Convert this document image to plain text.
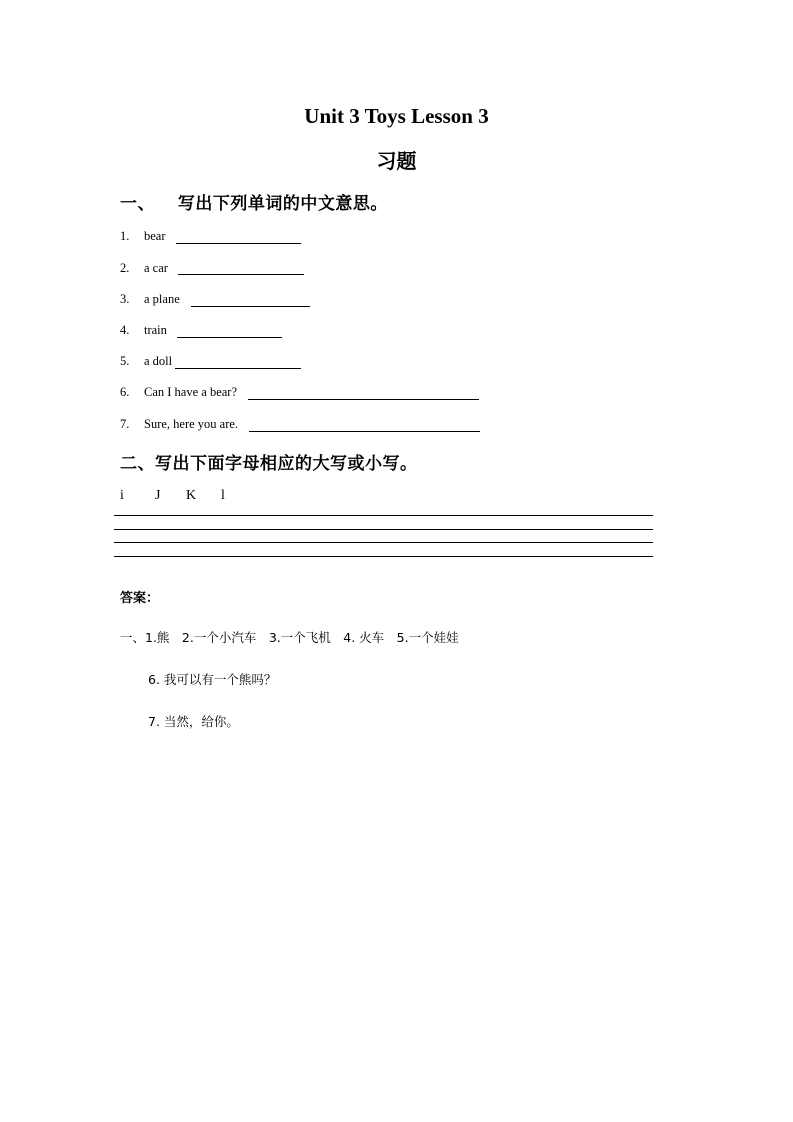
Unit 3 Toys Lesson 3
习题
一、 写出下列单词的中文意思。
1. bear
2. a car
3. a plane
4. train
5. a doll
6. Can I have a bear?
7. Sure, here you are.
二、写出下面字母相应的大写或小写。
i J K l
答案：
一、1.熊　2.一个小汽车　3.一个飞机　4. 火车　5.一个娃娃
6. 我可以有一个熊吗？
7. 当然，给你。
